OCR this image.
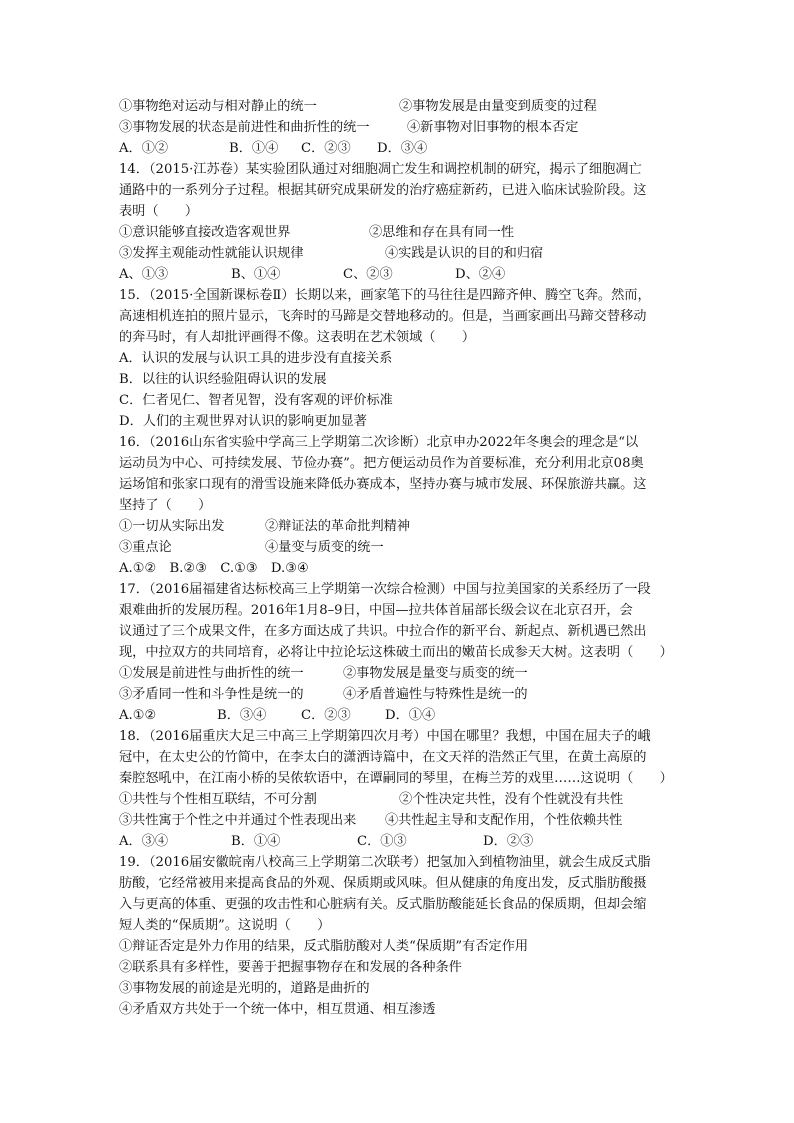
①事物绝对运动与相对静止的统一	②事物发展是由量变到质变的过程
③事物发展的状态是前进性和曲折性的统一	④新事物对旧事物的根本否定
A．①②	B．①④	C．②③	D．③④
14．（2015·江苏卷）某实验团队通过对细胞凋亡发生和调控机制的研究，揭示了细胞凋亡
通路中的一系列分子过程。根据其研究成果研发的治疗癌症新药，已进入临床试验阶段。这
表明（　　）
①意识能够直接改造客观世界	②思维和存在具有同一性
③发挥主观能动性就能认识规律	④实践是认识的目的和归宿
A、①③	B、①④	C、②③	D、②④
15．（2015·全国新课标卷Ⅱ）长期以来，画家笔下的马往往是四蹄齐伸、腾空飞奔。然而，
高速相机连拍的照片显示，飞奔时的马蹄是交替地移动的。但是，当画家画出马蹄交替移动
的奔马时，有人却批评画得不像。这表明在艺术领域（　　）
A．认识的发展与认识工具的进步没有直接关系
B．以往的认识经验阻碍认识的发展
C．仁者见仁、智者见智，没有客观的评价标准
D．人们的主观世界对认识的影响更加显著
16．（2016山东省实验中学高三上学期第二次诊断）北京申办2022年冬奥会的理念是“以
运动员为中心、可持续发展、节俭办赛”。把方便运动员作为首要标准，充分利用北京08奥
运场馆和张家口现有的滑雪设施来降低办赛成本，坚持办赛与城市发展、环保旅游共赢。这
坚持了（　　）
①一切从实际出发	②辩证法的革命批判精神
③重点论	④量变与质变的统一
A.①②　B.②③　C.①③　D.③④
17．（2016届福建省达标校高三上学期第一次综合检测）中国与拉美国家的关系经历了一段
艰难曲折的发展历程。2016年1月8–9日，中国—拉共体首届部长级会议在北京召开，会
议通过了三个成果文件，在多方面达成了共识。中拉合作的新平台、新起点、新机遇已然出
现，中拉双方的共同培育，必将让中拉论坛这株破土而出的嫩苗长成参天大树。这表明（　　）
①发展是前进性与曲折性的统一	②事物发展是量变与质变的统一
③矛盾同一性和斗争性是统一的	④矛盾普遍性与特殊性是统一的
A.①②	B．③④	C．②③	D．①④
18．（2016届重庆大足三中高三上学期第四次月考）中国在哪里？我想，中国在屈夫子的峨
冠中，在太史公的竹简中，在李太白的潇洒诗篇中，在文天祥的浩然正气里，在黄土高原的
秦腔怒吼中，在江南小桥的吴侬软语中，在谭嗣同的琴里，在梅兰芳的戏里……这说明（　　）
①共性与个性相互联结，不可分割	②个性决定共性，没有个性就没有共性
③共性寓于个性之中并通过个性表现出来	④共性起主导和支配作用，个性依赖共性
A．③④	B．①④	C．①③	D．②③
19．（2016届安徽皖南八校高三上学期第二次联考）把氢加入到植物油里，就会生成反式脂
肪酸，它经常被用来提高食品的外观、保质期或风味。但从健康的角度出发，反式脂肪酸摄
入与更高的体重、更强的攻击性和心脏病有关。反式脂肪酸能延长食品的保质期，但却会缩
短人类的“保质期”。这说明（　　）
①辩证否定是外力作用的结果，反式脂肪酸对人类“保质期”有否定作用
②联系具有多样性，要善于把握事物存在和发展的各种条件
③事物发展的前途是光明的，道路是曲折的
④矛盾双方共处于一个统一体中，相互贯通、相互渗透
